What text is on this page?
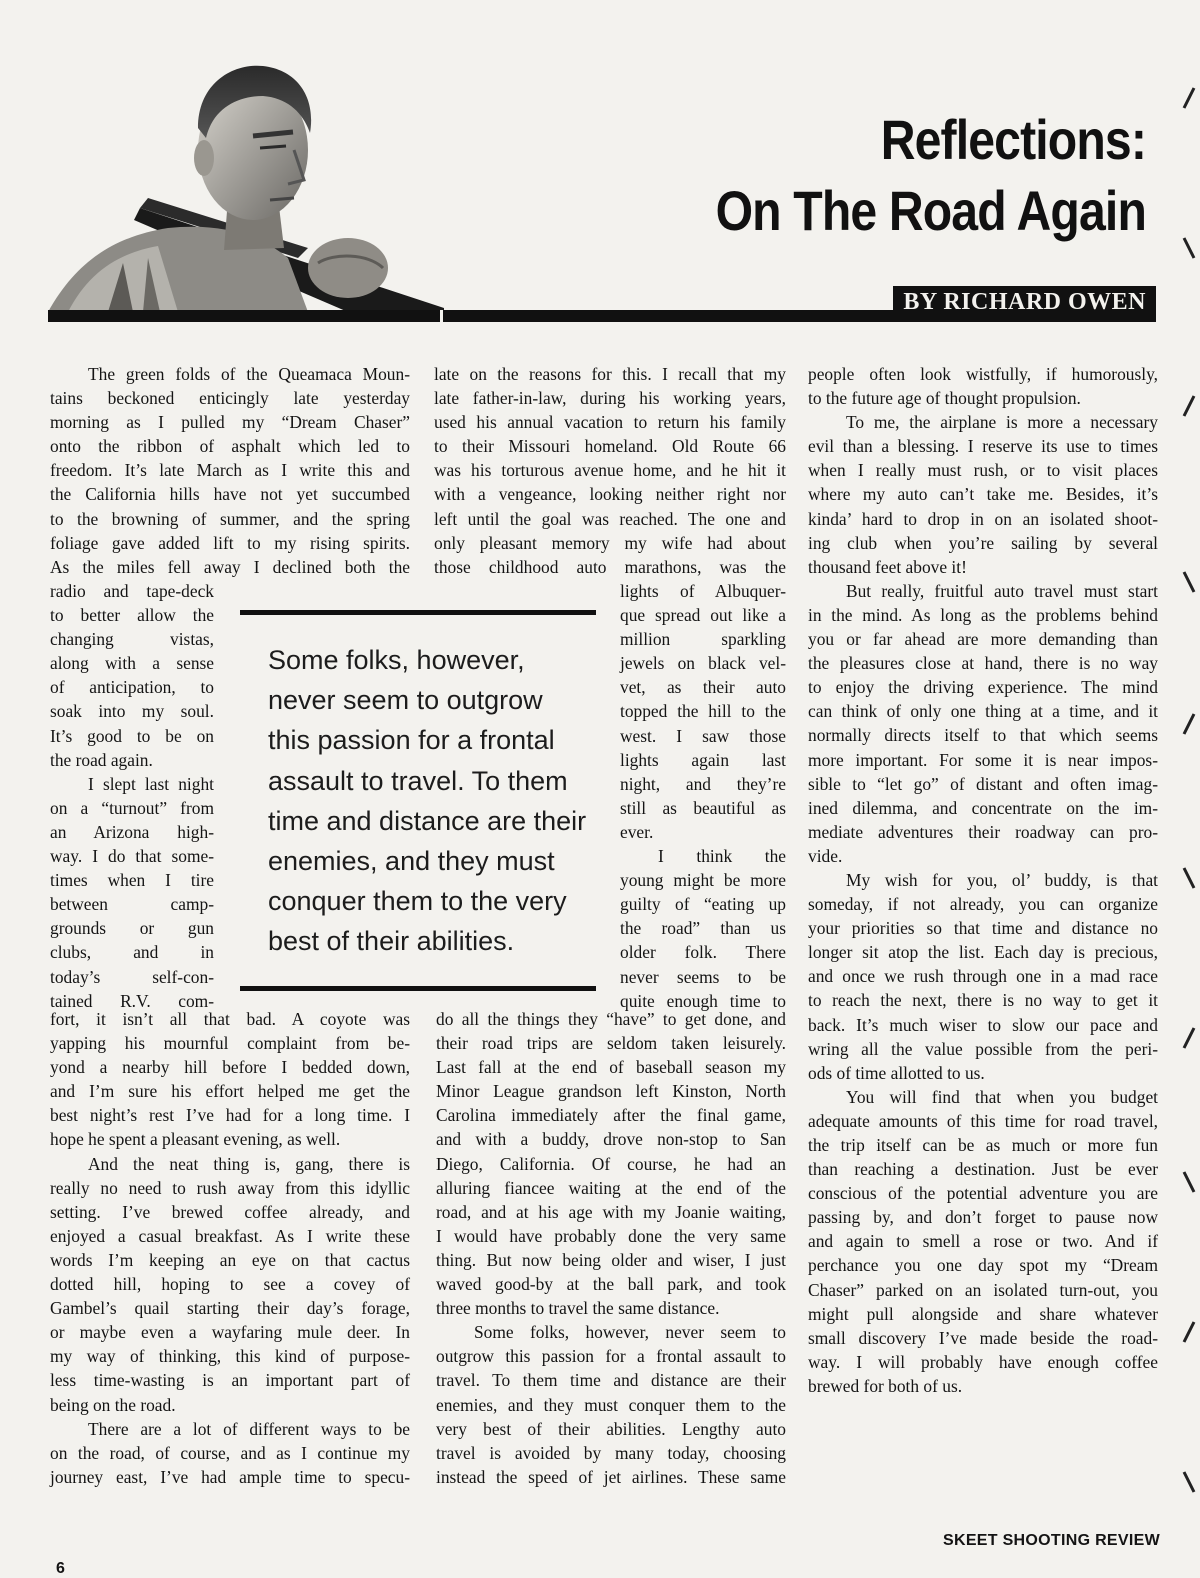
Reflections:
On The Road Again
BY RICHARD OWEN
The green folds of the Queamaca Moun-
tains beckoned enticingly late yesterday
morning as I pulled my “Dream Chaser”
onto the ribbon of asphalt which led to
freedom. It’s late March as I write this and
the California hills have not yet succumbed
to the browning of summer, and the spring
foliage gave added lift to my rising spirits.
As the miles fell away I declined both the
radio and tape-deck
to better allow the
changing vistas,
along with a sense
of anticipation, to
soak into my soul.
It’s good to be on
the road again.
I slept last night
on a “turnout” from
an Arizona high-
way. I do that some-
times when I tire
between camp-
grounds or gun
clubs, and in
today’s self-con-
tained R.V. com-
fort, it isn’t all that bad. A coyote was
yapping his mournful complaint from be-
yond a nearby hill before I bedded down,
and I’m sure his effort helped me get the
best night’s rest I’ve had for a long time. I
hope he spent a pleasant evening, as well.
And the neat thing is, gang, there is
really no need to rush away from this idyllic
setting. I’ve brewed coffee already, and
enjoyed a casual breakfast. As I write these
words I’m keeping an eye on that cactus
dotted hill, hoping to see a covey of
Gambel’s quail starting their day’s forage,
or maybe even a wayfaring mule deer. In
my way of thinking, this kind of purpose-
less time-wasting is an important part of
being on the road.
There are a lot of different ways to be
on the road, of course, and as I continue my
journey east, I’ve had ample time to specu-
late on the reasons for this. I recall that my
late father-in-law, during his working years,
used his annual vacation to return his family
to their Missouri homeland. Old Route 66
was his torturous avenue home, and he hit it
with a vengeance, looking neither right nor
left until the goal was reached. The one and
only pleasant memory my wife had about
those childhood auto marathons, was the
lights of Albuquer-
que spread out like a
million sparkling
jewels on black vel-
vet, as their auto
topped the hill to the
west. I saw those
lights again last
night, and they’re
still as beautiful as
ever.
I think the
young might be more
guilty of “eating up
the road” than us
older folk. There
never seems to be
quite enough time to
do all the things they “have” to get done, and
their road trips are seldom taken leisurely.
Last fall at the end of baseball season my
Minor League grandson left Kinston, North
Carolina immediately after the final game,
and with a buddy, drove non-stop to San
Diego, California. Of course, he had an
alluring fiancee waiting at the end of the
road, and at his age with my Joanie waiting,
I would have probably done the very same
thing. But now being older and wiser, I just
waved good-by at the ball park, and took
three months to travel the same distance.
Some folks, however, never seem to
outgrow this passion for a frontal assault to
travel. To them time and distance are their
enemies, and they must conquer them to the
very best of their abilities. Lengthy auto
travel is avoided by many today, choosing
instead the speed of jet airlines. These same
Some folks, however,
never seem to outgrow
this passion for a frontal
assault to travel. To them
time and distance are their
enemies, and they must
conquer them to the very
best of their abilities.
people often look wistfully, if humorously,
to the future age of thought propulsion.
To me, the airplane is more a necessary
evil than a blessing. I reserve its use to times
when I really must rush, or to visit places
where my auto can’t take me. Besides, it’s
kinda’ hard to drop in on an isolated shoot-
ing club when you’re sailing by several
thousand feet above it!
But really, fruitful auto travel must start
in the mind. As long as the problems behind
you or far ahead are more demanding than
the pleasures close at hand, there is no way
to enjoy the driving experience. The mind
can think of only one thing at a time, and it
normally directs itself to that which seems
more important. For some it is near impos-
sible to “let go” of distant and often imag-
ined dilemma, and concentrate on the im-
mediate adventures their roadway can pro-
vide.
My wish for you, ol’ buddy, is that
someday, if not already, you can organize
your priorities so that time and distance no
longer sit atop the list. Each day is precious,
and once we rush through one in a mad race
to reach the next, there is no way to get it
back. It’s much wiser to slow our pace and
wring all the value possible from the peri-
ods of time allotted to us.
You will find that when you budget
adequate amounts of this time for road travel,
the trip itself can be as much or more fun
than reaching a destination. Just be ever
conscious of the potential adventure you are
passing by, and don’t forget to pause now
and again to smell a rose or two. And if
perchance you one day spot my “Dream
Chaser” parked on an isolated turn-out, you
might pull alongside and share whatever
small discovery I’ve made beside the road-
way. I will probably have enough coffee
brewed for both of us.
6
SKEET SHOOTING REVIEW
